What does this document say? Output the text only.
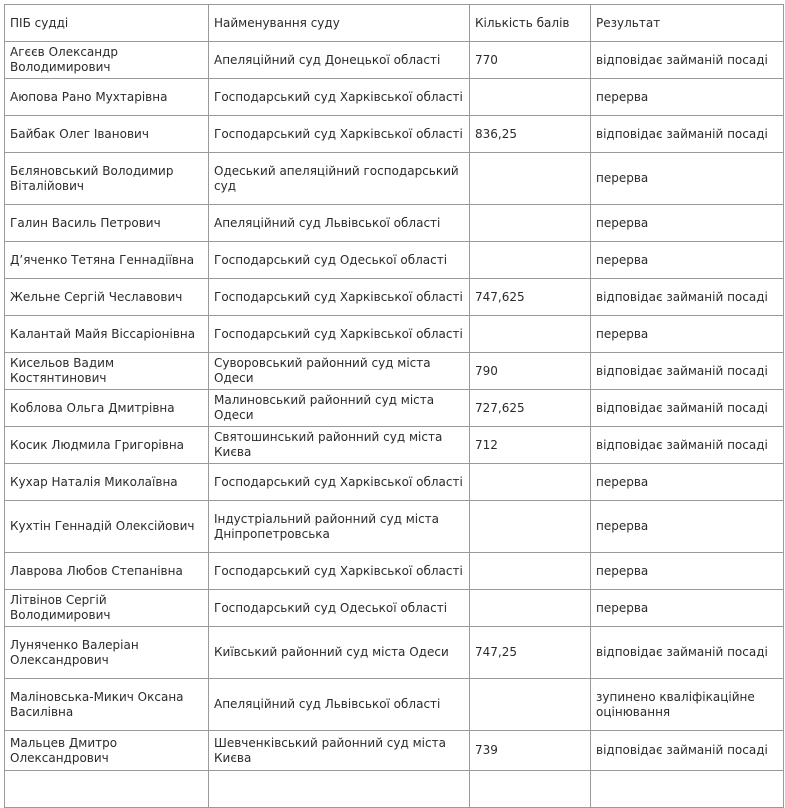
ПІБ судді	Найменування суду	Кількість балів	Результат
Агєєв Олександр Володимирович	Апеляційний суд Донецької області	770	відповідає займаній посаді
Аюпова Рано Мухтарівна	Господарський суд Харківської області		перерва
Байбак Олег Іванович	Господарський суд Харківської області	836,25	відповідає займаній посаді
Бєляновський Володимир Віталійович	Одеський апеляційний господарський суд		перерва
Галин Василь Петрович	Апеляційний суд Львівської області		перерва
Д’яченко Тетяна Геннадіївна	Господарський суд Одеської області		перерва
Жельне Сергій Чеславович	Господарський суд Харківської області	747,625	відповідає займаній посаді
Калантай Майя Віссаріонівна	Господарський суд Харківської області		перерва
Кисельов Вадим Костянтинович	Суворовський районний суд міста Одеси	790	відповідає займаній посаді
Коблова Ольга Дмитрівна	Малиновський районний суд міста Одеси	727,625	відповідає займаній посаді
Косик Людмила Григорівна	Святошинський районний суд міста Києва	712	відповідає займаній посаді
Кухар Наталія Миколаївна	Господарський суд Харківської області		перерва
Кухтін Геннадій Олексійович	Індустріальний районний суд міста Дніпропетровська		перерва
Лаврова Любов Степанівна	Господарський суд Харківської області		перерва
Літвінов Сергій Володимирович	Господарський суд Одеської області		перерва
Луняченко Валеріан Олександрович	Київський районний суд міста Одеси	747,25	відповідає займаній посаді
Маліновська-Микич Оксана Василівна	Апеляційний суд Львівської області		зупинено кваліфікаційне оцінювання
Мальцев Дмитро Олександрович	Шевченківський районний суд міста Києва	739	відповідає займаній посаді
